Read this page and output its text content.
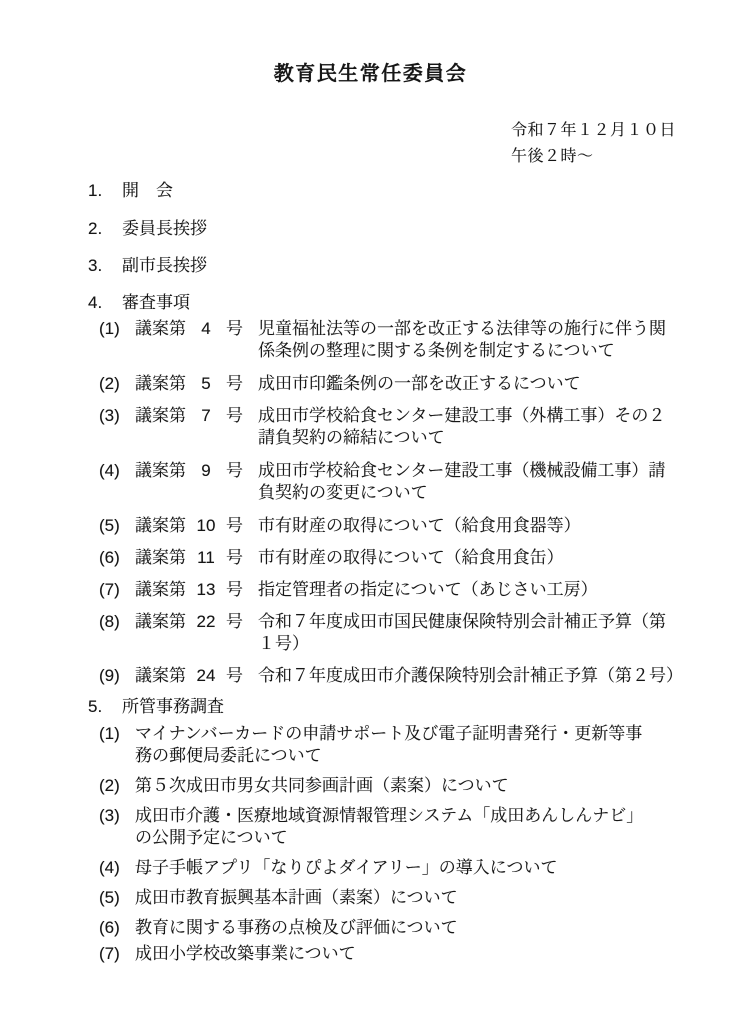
教育民生常任委員会
令和７年１２月１０日
午後２時～
1. 開　会
2. 委員長挨拶
3. 副市長挨拶
4. 審査事項
(1) 議案第 4 号 児童福祉法等の一部を改正する法律等の施行に伴う関
係条例の整理に関する条例を制定するについて
(2) 議案第 5 号 成田市印鑑条例の一部を改正するについて
(3) 議案第 7 号 成田市学校給食センター建設工事（外構工事）その２
請負契約の締結について
(4) 議案第 9 号 成田市学校給食センター建設工事（機械設備工事）請
負契約の変更について
(5) 議案第 10 号 市有財産の取得について（給食用食器等）
(6) 議案第 11 号 市有財産の取得について（給食用食缶）
(7) 議案第 13 号 指定管理者の指定について（あじさい工房）
(8) 議案第 22 号 令和７年度成田市国民健康保険特別会計補正予算（第
１号）
(9) 議案第 24 号 令和７年度成田市介護保険特別会計補正予算（第２号）
5. 所管事務調査
(1) マイナンバーカードの申請サポート及び電子証明書発行・更新等事
務の郵便局委託について
(2) 第５次成田市男女共同参画計画（素案）について
(3) 成田市介護・医療地域資源情報管理システム「成田あんしんナビ」
の公開予定について
(4) 母子手帳アプリ「なりぴよダイアリー」の導入について
(5) 成田市教育振興基本計画（素案）について
(6) 教育に関する事務の点検及び評価について
(7) 成田小学校改築事業について
